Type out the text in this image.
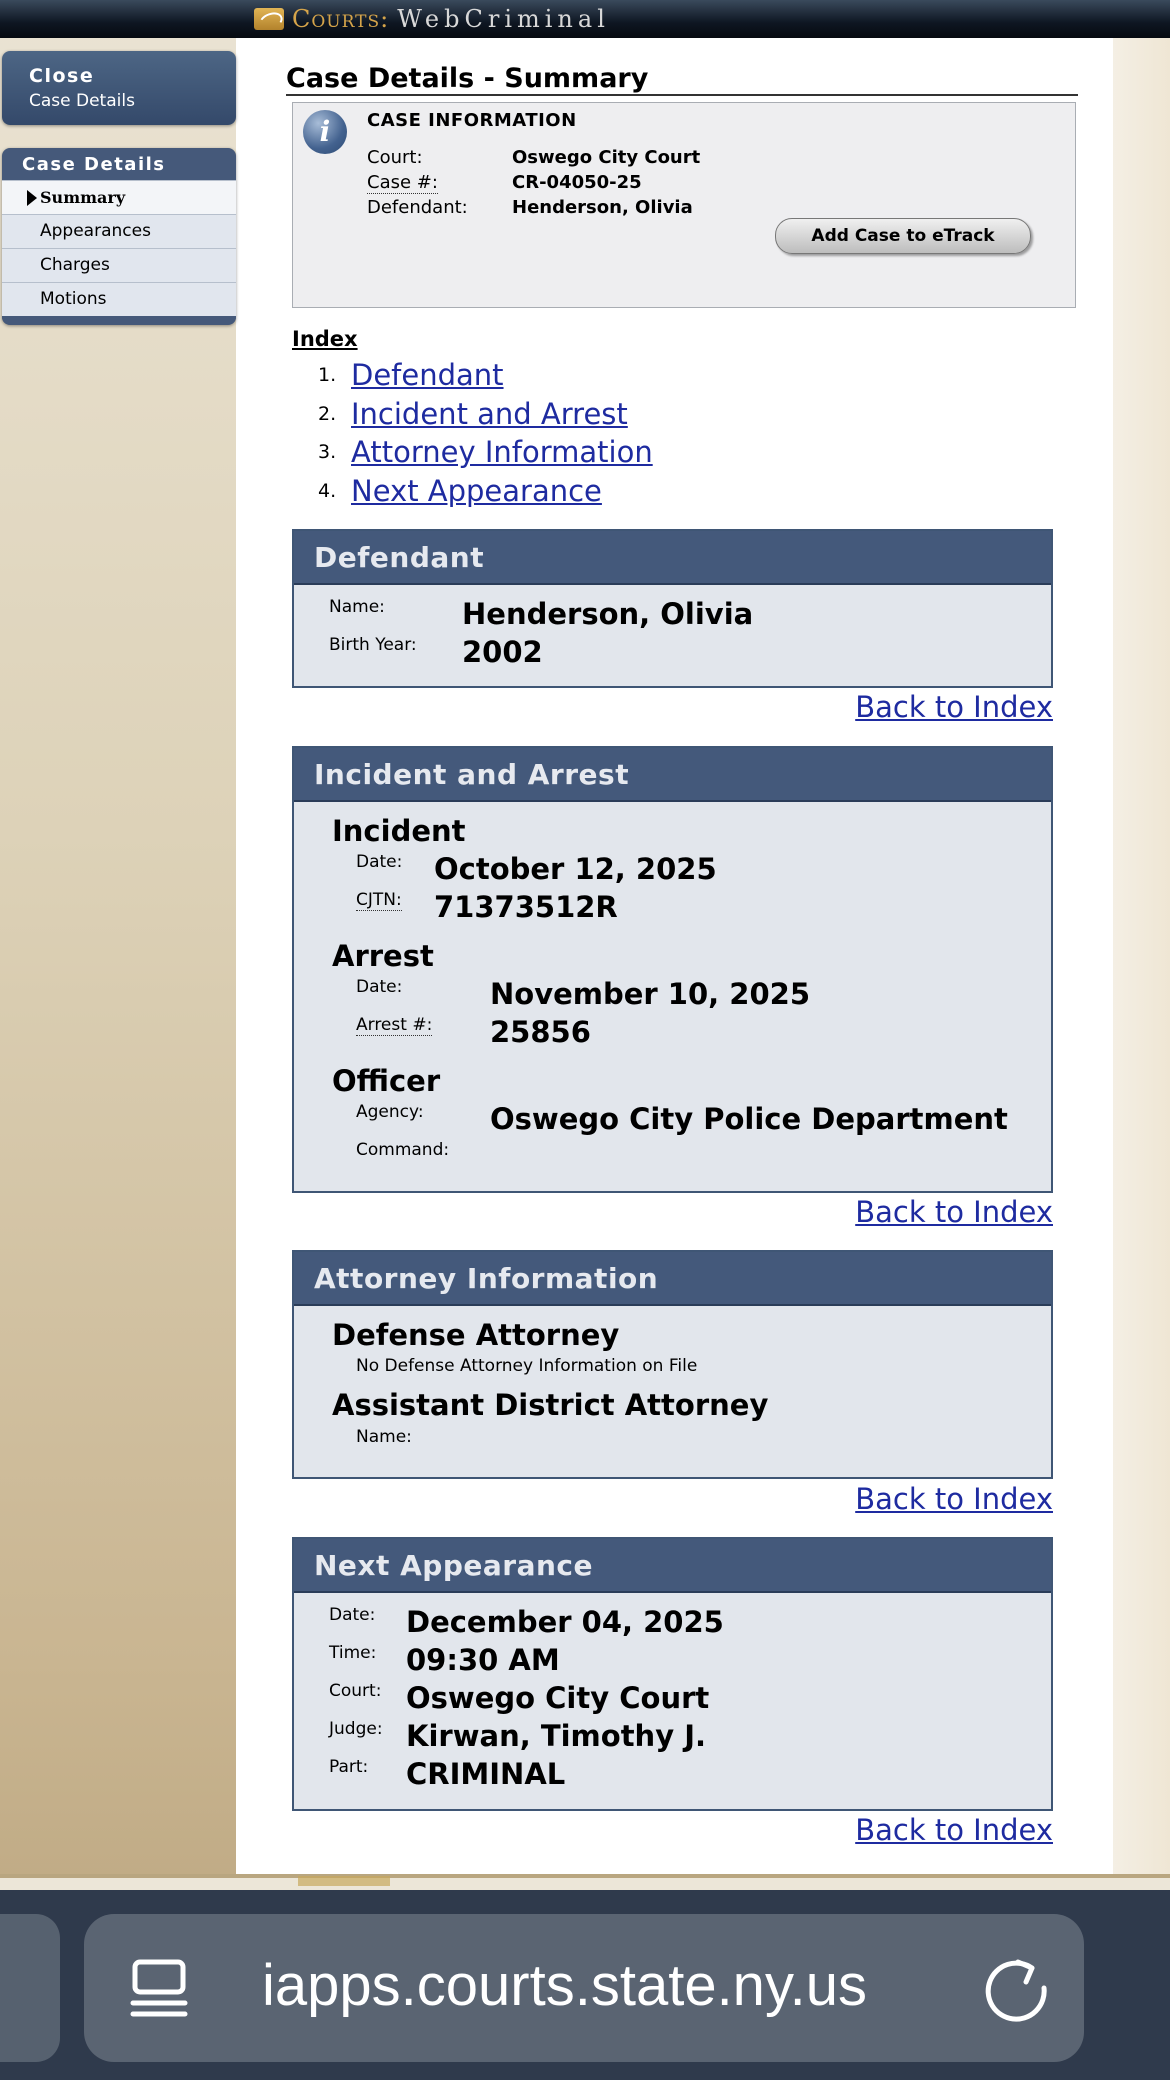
Courts: WebCriminal
Close
Case Details
Case Details
Summary
Appearances
Charges
Motions
Case Details - Summary
i	CASE INFORMATION
Court:	Oswego City Court
Case #:	CR-04050-25
Defendant: Henderson, Olivia
Add Case to eTrack
Index
1. Defendant
2. Incident and Arrest
3. Attorney Information
4. Next Appearance
Defendant
Name:	Henderson, Olivia
Birth Year: 2002
Back to Index
Incident and Arrest
Incident
Date: October 12, 2025
CJTN: 71373512R
Arrest
Date:	November 10, 2025
Arrest #: 25856
Officer
Agency: Oswego City Police Department
Command:
Back to Index
Attorney Information
Defense Attorney
No Defense Attorney Information on File
Assistant District Attorney
Name:
Back to Index
Next Appearance
Date: December 04, 2025
Time: 09:30 AM
Court: Oswego City Court
Judge: Kirwan, Timothy J.
Part: CRIMINAL
Back to Index
iapps.courts.state.ny.us
